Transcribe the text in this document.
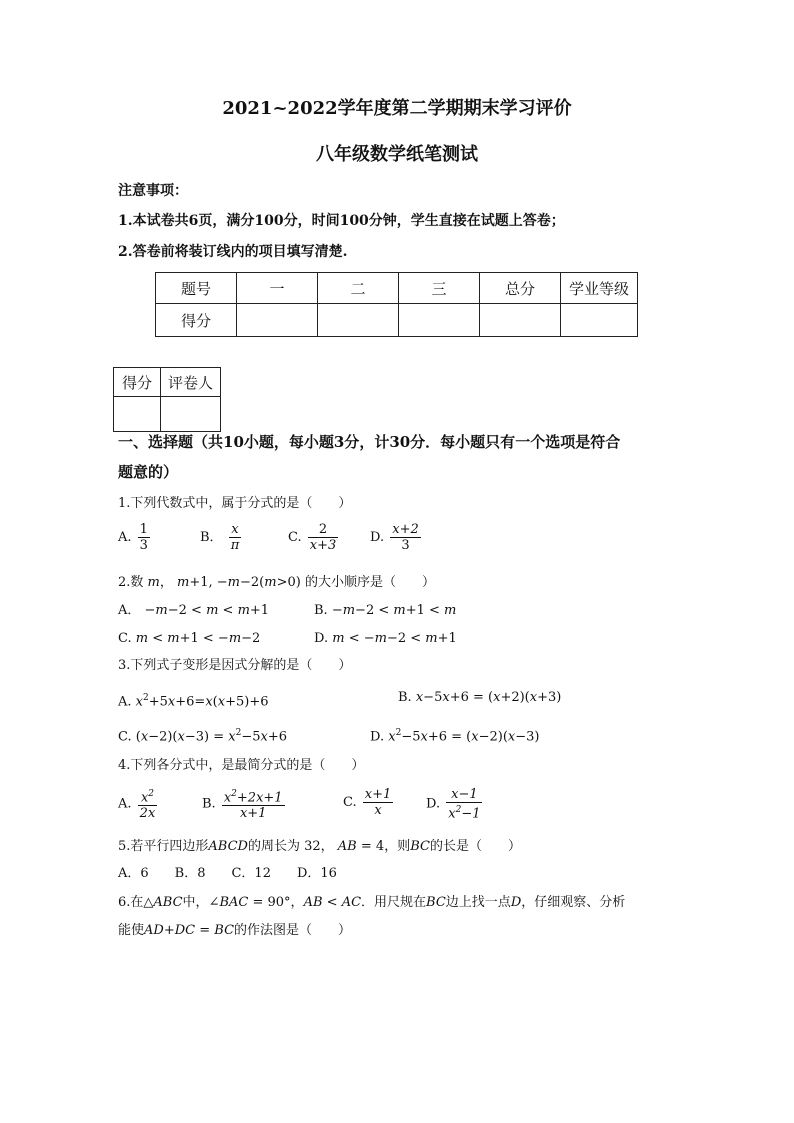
2021~2022学年度第二学期期末学习评价
八年级数学纸笔测试
注意事项：
1.本试卷共6页，满分100分，时间100分钟，学生直接在试题上答卷；
2.答卷前将装订线内的项目填写清楚.
题号	一	二	三	总分	学业等级
得分					
得分	评卷人

一、选择题（共10小题，每小题3分，计30分．每小题只有一个选项是符合
题意的）
1.下列代数式中，属于分式的是（　　）
A. $\frac{1}{3}$	B． $\frac{x}{\pi}$	C. $\frac{2}{x+3} D$. $\frac{x+2}{3}$
2.数 m， m+1, −m−2(m>0) 的大小顺序是（　　）
A． −m−2 < m < m+1	B. −m−2 < m+1 < m
C. m < m+1 < −m−2	D. m < −m−2 < m+1
3.下列式子变形是因式分解的是（　　）
A. $x^2+5x+6=x(x+5)+6$	B. x−5x+6 = (x+2)(x+3)
C. $(x-2)(x-3) = x^2-5x+6$	D. $x^2-5x+6 = (x-2)(x-3)$
4.下列各分式中，是最简分式的是（　　）
A. $\frac{x^2}{2x}$	B. $\frac{x^2+2x+1}{x+1}$	C. $\frac{x+1}{x}$	D. $\frac{x-1}{x^2-1}$
5.若平行四边形ABCD的周长为 32， AB = 4，则BC的长是（　　）
A．6　　B．8　　C．12　　D．16
6.在△ABC中，∠BAC = 90°，AB < AC．用尺规在BC边上找一点D，仔细观察、分析
能使AD+DC = BC的作法图是（　　）
